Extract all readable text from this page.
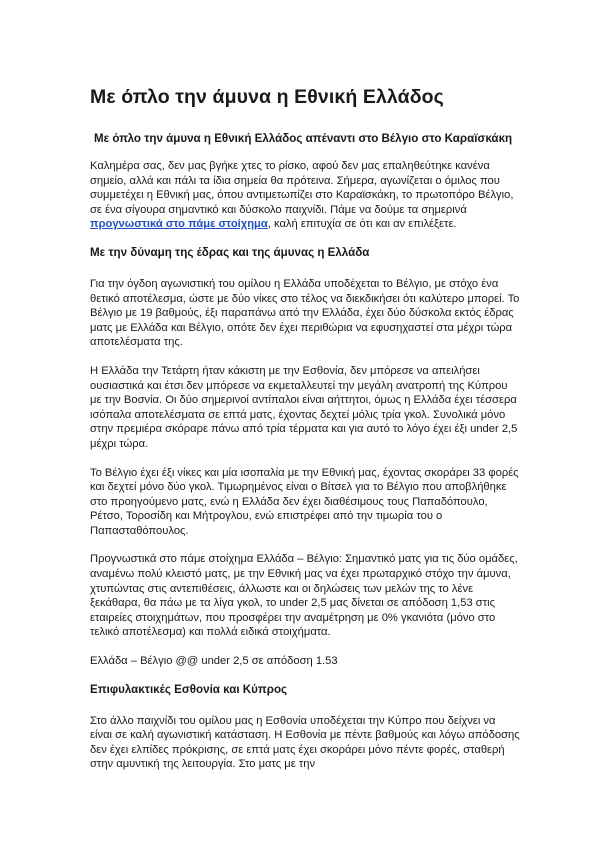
Με όπλο την άμυνα η Εθνική Ελλάδος
Με όπλο την άμυνα η Εθνική Ελλάδος απέναντι στο Βέλγιο στο Καραϊσκάκη

Καλημέρα σας, δεν μας βγήκε χτες το ρίσκο, αφού δεν μας επαληθεύτηκε κανένα σημείο, αλλά και πάλι τα ίδια σημεία θα πρότεινα. Σήμερα, αγωνίζεται ο όμιλος που συμμετέχει η Εθνική μας, όπου αντιμετωπίζει στο Καραϊσκάκη, το πρωτοπόρο Βέλγιο, σε ένα σίγουρα σημαντικό και δύσκολο παιχνίδι. Πάμε να δούμε τα σημερινά προγνωστικά στο πάμε στοίχημα, καλή επιτυχία σε ότι και αν επιλέξετε.

Με την δύναμη της έδρας και της άμυνας η Ελλάδα

Για την όγδοη αγωνιστική του ομίλου η Ελλάδα υποδέχεται το Βέλγιο, με στόχο ένα θετικό αποτέλεσμα, ώστε με δύο νίκες στο τέλος να διεκδικήσει ότι καλύτερο μπορεί. Το Βέλγιο με 19 βαθμούς, έξι παραπάνω από την Ελλάδα, έχει δύο δύσκολα εκτός έδρας ματς με Ελλάδα και Βέλγιο, οπότε δεν έχει περιθώρια να εφυσηχαστεί στα μέχρι τώρα αποτελέσματα της.

Η Ελλάδα την Τετάρτη ήταν κάκιστη με την Εσθονία, δεν μπόρεσε να απειλήσει ουσιαστικά και έτσι δεν μπόρεσε να εκμεταλλευτεί την μεγάλη ανατροπή της Κύπρου με την Βοσνία. Οι δύο σημερινοί αντίπαλοι είναι αήττητοι, όμως η Ελλάδα έχει τέσσερα ισόπαλα αποτελέσματα σε επτά ματς, έχοντας δεχτεί μόλις τρία γκολ. Συνολικά μόνο στην πρεμιέρα σκόραρε πάνω από τρία τέρματα και για αυτό το λόγο έχει έξι under 2,5 μέχρι τώρα.

Το Βέλγιο έχει έξι νίκες και μία ισοπαλία με την Εθνική μας, έχοντας σκοράρει 33 φορές και δεχτεί μόνο δύο γκολ. Τιμωρημένος είναι ο Βίτσελ για το Βέλγιο που αποβλήθηκε στο προηγούμενο ματς, ενώ η Ελλάδα δεν έχει διαθέσιμους τους Παπαδόπουλο, Ρέτσο, Τοροσίδη και Μήτρογλου, ενώ επιστρέφει από την τιμωρία του ο Παπασταθόπουλος.

Προγνωστικά στο πάμε στοίχημα Ελλάδα – Βέλγιο: Σημαντικό ματς για τις δύο ομάδες, αναμένω πολύ κλειστό ματς, με την Εθνική μας να έχει πρωταρχικό στόχο την άμυνα, χτυπώντας στις αντεπιθέσεις, άλλωστε και οι δηλώσεις των μελών της το λένε ξεκάθαρα, θα πάω με τα λίγα γκολ, το under 2,5 μας δίνεται σε απόδοση 1,53 στις εταιρείες στοιχημάτων, που προσφέρει την αναμέτρηση με 0% γκανιότα (μόνο στο τελικό αποτέλεσμα) και πολλά ειδικά στοιχήματα.

Ελλάδα – Βέλγιο @@ under 2,5 σε απόδοση 1.53

Επιφυλακτικές Εσθονία και Κύπρος

Στο άλλο παιχνίδι του ομίλου μας η Εσθονία υποδέχεται την Κύπρο που δείχνει να είναι σε καλή αγωνιστική κατάσταση. Η Εσθονία με πέντε βαθμούς και λόγω απόδοσης δεν έχει ελπίδες πρόκρισης, σε επτά ματς έχει σκοράρει μόνο πέντε φορές, σταθερή στην αμυντική της λειτουργία. Στο ματς με την
